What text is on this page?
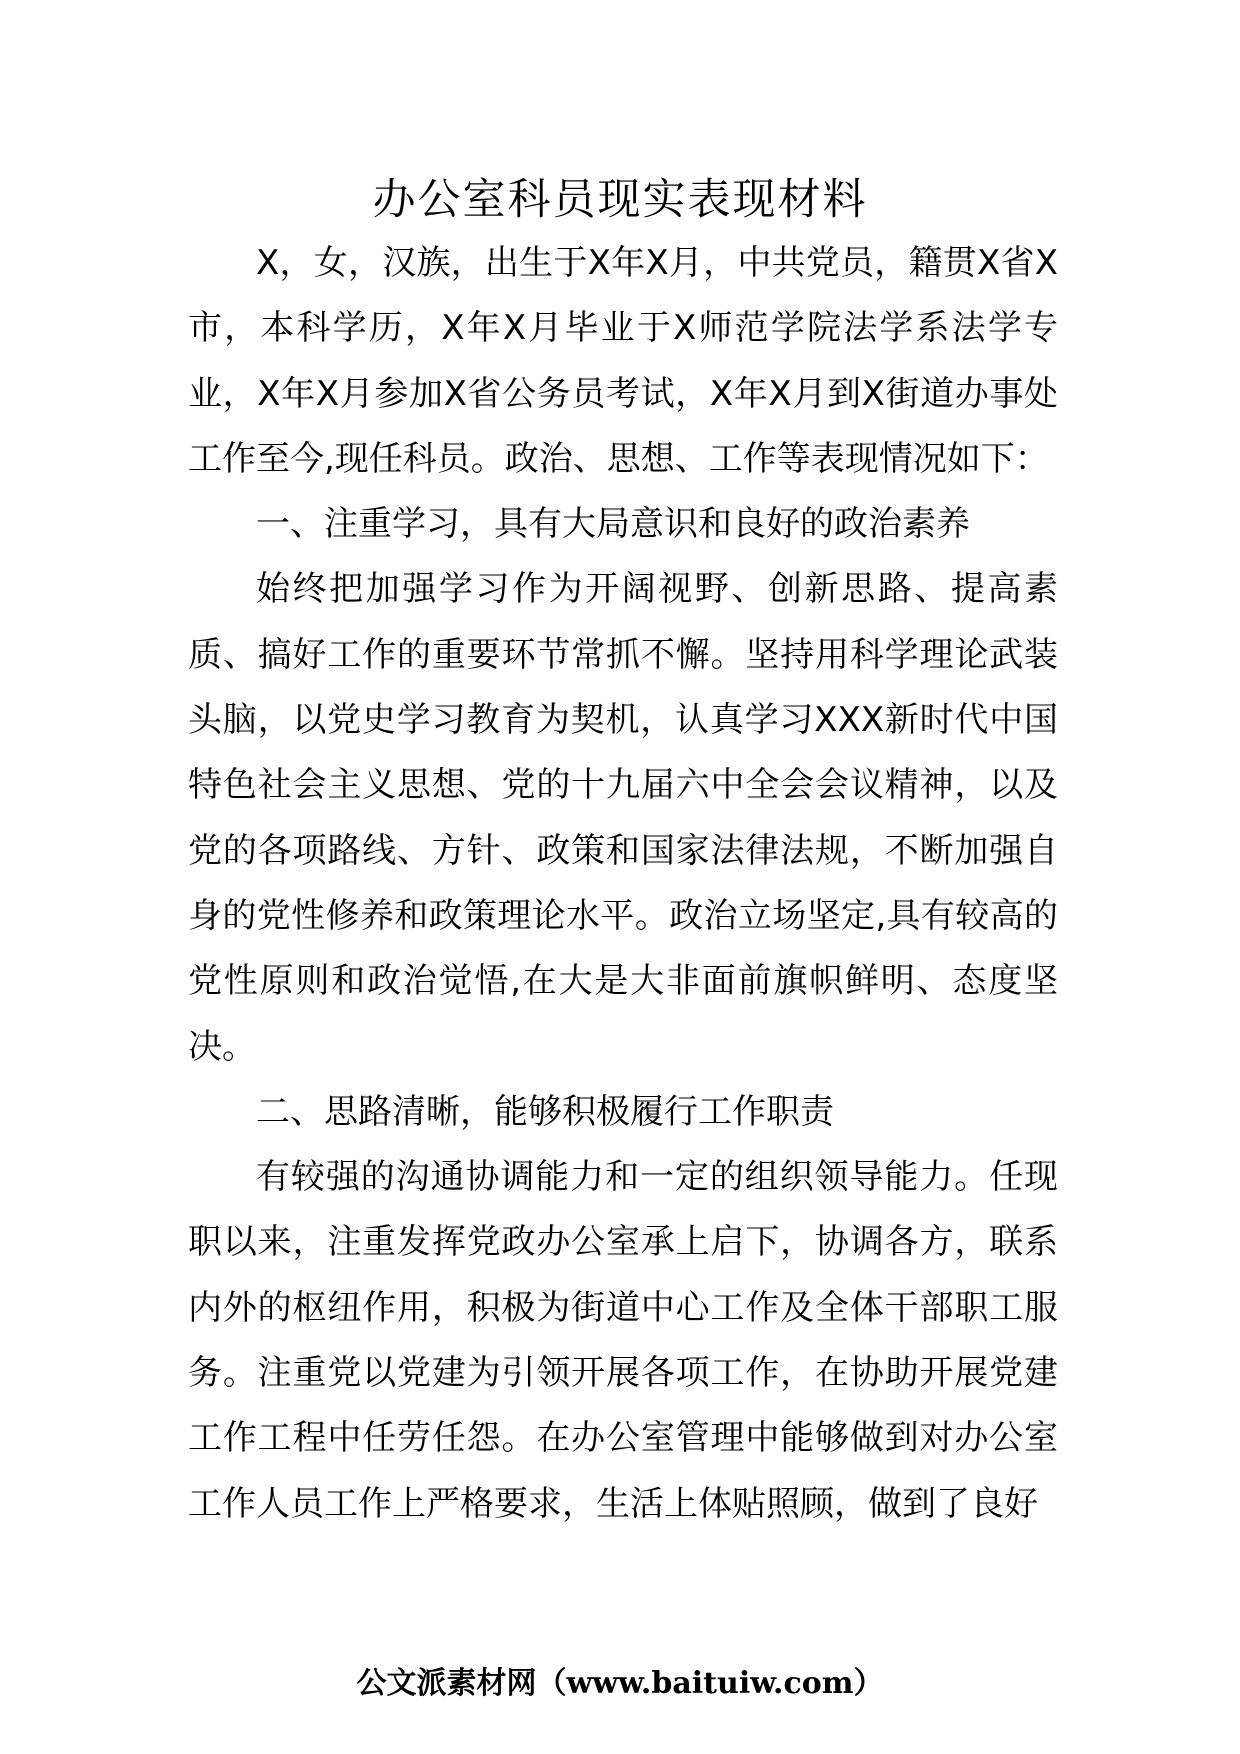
办公室科员现实表现材料

X，女，汉族，出生于X年X月，中共党员，籍贯X省X市，本科学历，X年X月毕业于X师范学院法学系法学专业，X年X月参加X省公务员考试，X年X月到X街道办事处工作至今,现任科员。政治、思想、工作等表现情况如下：

一、注重学习，具有大局意识和良好的政治素养

始终把加强学习作为开阔视野、创新思路、提高素质、搞好工作的重要环节常抓不懈。坚持用科学理论武装头脑，以党史学习教育为契机，认真学习XXX新时代中国特色社会主义思想、党的十九届六中全会会议精神，以及党的各项路线、方针、政策和国家法律法规，不断加强自身的党性修养和政策理论水平。政治立场坚定,具有较高的党性原则和政治觉悟,在大是大非面前旗帜鲜明、态度坚决。

二、思路清晰，能够积极履行工作职责

有较强的沟通协调能力和一定的组织领导能力。任现职以来，注重发挥党政办公室承上启下，协调各方，联系内外的枢纽作用，积极为街道中心工作及全体干部职工服务。注重党以党建为引领开展各项工作，在协助开展党建工作工程中任劳任怨。在办公室管理中能够做到对办公室工作人员工作上严格要求，生活上体贴照顾，做到了良好

公文派素材网（www.baituiw.com）
